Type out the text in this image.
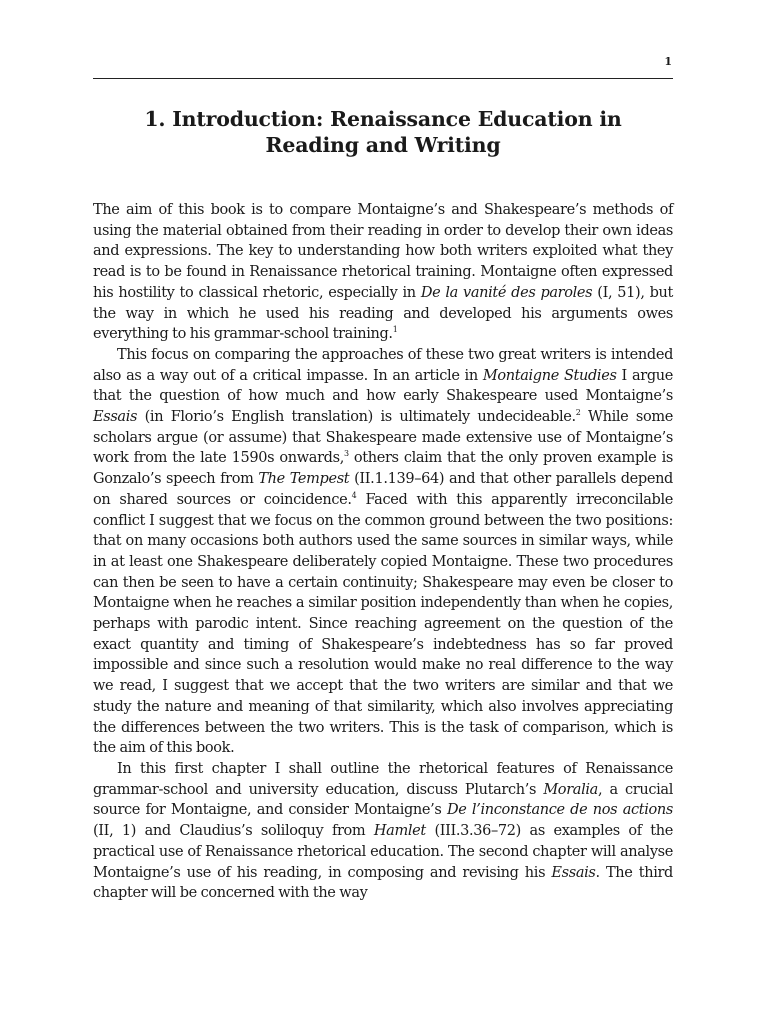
1
1. Introduction: Renaissance Education in
Reading and Writing

The aim of this book is to compare Montaigne’s and Shakespeare’s methods of using the material obtained from their reading in order to develop their own ideas and expressions. The key to understanding how both writers exploited what they read is to be found in Renaissance rhetorical training. Montaigne often expressed his hostility to classical rhetoric, especially in De la vanité des paroles (I, 51), but the way in which he used his reading and developed his arguments owes everything to his grammar-school training.$^1$

This focus on comparing the approaches of these two great writers is intended also as a way out of a critical impasse. In an article in Montaigne Studies I argue that the question of how much and how early Shakespeare used Montaigne’s Essais (in Florio’s English translation) is ultimately undecideable.$^2$ While some scholars argue (or assume) that Shakespeare made extensive use of Montaigne’s work from the late 1590s onwards,$^3$ others claim that the only proven example is Gonzalo’s speech from The Tempest (II.1.139–64) and that other parallels depend on shared sources or coincidence.$^4$ Faced with this apparently irreconcilable conflict I suggest that we focus on the common ground between the two positions: that on many occasions both authors used the same sources in similar ways, while in at least one Shakespeare deliberately copied Montaigne. These two procedures can then be seen to have a certain continuity; Shakespeare may even be closer to Montaigne when he reaches a similar position independently than when he copies, perhaps with parodic intent. Since reaching agreement on the question of the exact quantity and timing of Shakespeare’s indebtedness has so far proved impossible and since such a resolution would make no real difference to the way we read, I suggest that we accept that the two writers are similar and that we study the nature and meaning of that similarity, which also involves appreciating the differences between the two writers. This is the task of comparison, which is the aim of this book.

In this first chapter I shall outline the rhetorical features of Renaissance grammar-school and university education, discuss Plutarch’s Moralia, a crucial source for Montaigne, and consider Montaigne’s De l’inconstance de nos actions (II, 1) and Claudius’s soliloquy from Hamlet (III.3.36–72) as examples of the practical use of Renaissance rhetorical education. The second chapter will analyse Montaigne’s use of his reading, in composing and revising his Essais. The third chapter will be concerned with the way
